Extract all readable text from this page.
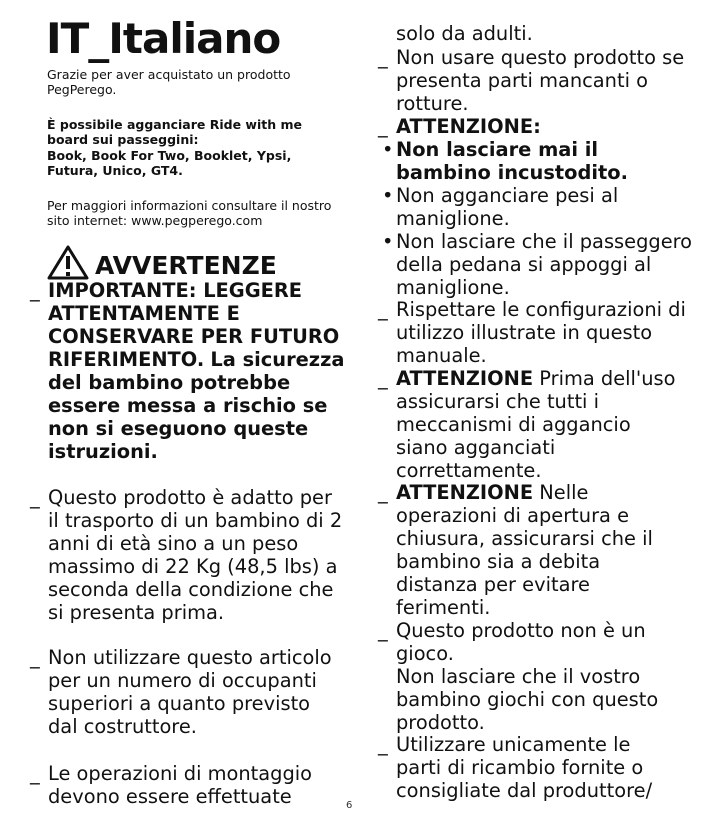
IT_Italiano

Grazie per aver acquistato un prodotto PegPerego.

È possibile agganciare Ride with me board sui passeggini:

Book, Book For Two, Booklet, Ypsi, Futura, Unico, GT4.

Per maggiori informazioni consultare il nostro sito internet: www.pegperego.com

AVVERTENZE
_ IMPORTANTE: LEGGERE ATTENTAMENTE E CONSERVARE PER FUTURO RIFERIMENTO. La sicurezza del bambino potrebbe essere messa a rischio se non si eseguono queste istruzioni.
_ Questo prodotto è adatto per il trasporto di un bambino di 2 anni di età sino a un peso massimo di 22 Kg (48,5 lbs) a seconda della condizione che si presenta prima.
_ Non utilizzare questo articolo per un numero di occupanti superiori a quanto previsto dal costruttore.
_ Le operazioni di montaggio devono essere effettuate
solo da adulti.
_ Non usare questo prodotto se presenta parti mancanti o rotture.
_ ATTENZIONE:
• Non lasciare mai il bambino incustodito.
• Non agganciare pesi al maniglione.
• Non lasciare che il passeggero della pedana si appoggi al maniglione.
_ Rispettare le configurazioni di utilizzo illustrate in questo manuale.
_ ATTENZIONE Prima dell'uso assicurarsi che tutti i meccanismi di aggancio siano agganciati correttamente.
_ ATTENZIONE Nelle operazioni di apertura e chiusura, assicurarsi che il bambino sia a debita distanza per evitare ferimenti.
_ Questo prodotto non è un gioco.
Non lasciare che il vostro bambino giochi con questo prodotto.
_ Utilizzare unicamente le parti di ricambio fornite o consigliate dal produttore/
6
